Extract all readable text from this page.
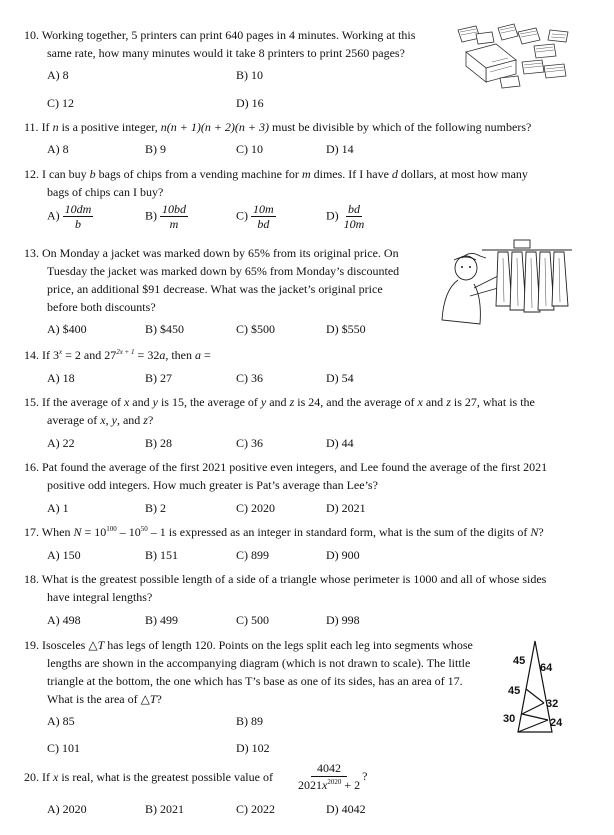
10. Working together, 5 printers can print 640 pages in 4 minutes. Working at this
same rate, how many minutes would it take 8 printers to print 2560 pages?
A) 8	B) 10
C) 12	D) 16
11. If n is a positive integer, n(n + 1)(n + 2)(n + 3) must be divisible by which of the following numbers?
A) 8	B) 9	C) 10	D) 14
12. I can buy b bags of chips from a vending machine for m dimes. If I have d dollars, at most how many
bags of chips can I buy?
$A) \frac{10dm}{b}$	$B) \frac{10bd}{m}$	$C) \frac{10m}{bd}$	$D) \frac{bd}{10m}$
13. On Monday a jacket was marked down by 65% from its original price. On
Tuesday the jacket was marked down by 65% from Monday’s discounted
price, an additional $91 decrease. What was the jacket’s original price
before both discounts?
A) $400	B) $450	C) $500	D) $550
14. If $3^x = 2$ and $27^{2x + 1} = 32a$, then a =
A) 18	B) 27	C) 36	D) 54
15. If the average of x and y is 15, the average of y and z is 24, and the average of x and z is 27, what is the
average of x, y, and z?
A) 22	B) 28	C) 36	D) 44
16. Pat found the average of the first 2021 positive even integers, and Lee found the average of the first 2021
positive odd integers. How much greater is Pat’s average than Lee’s?
A) 1	B) 2	C) 2020	D) 2021
17. When $N = 10^{100} - 10^{50} - 1$ is expressed as an integer in standard form, what is the sum of the digits of N?
A) 150	B) 151	C) 899	D) 900
18. What is the greatest possible length of a side of a triangle whose perimeter is 1000 and all of whose sides
have integral lengths?
A) 498	B) 499	C) 500	D) 998
19. Isosceles △T has legs of length 120. Points on the legs split each leg into segments whose
lengths are shown in the accompanying diagram (which is not drawn to scale). The little
triangle at the bottom, the one which has T’s base as one of its sides, has an area of 17.
What is the area of △T?
A) 85	B) 89
C) 101	D) 102
45
64
45
32
30	24
20. If x is real, what is the greatest possible value of $\frac{4042}{2021x^{2020} + 2}$ ?
A) 2020	B) 2021	C) 2022	D) 4042
